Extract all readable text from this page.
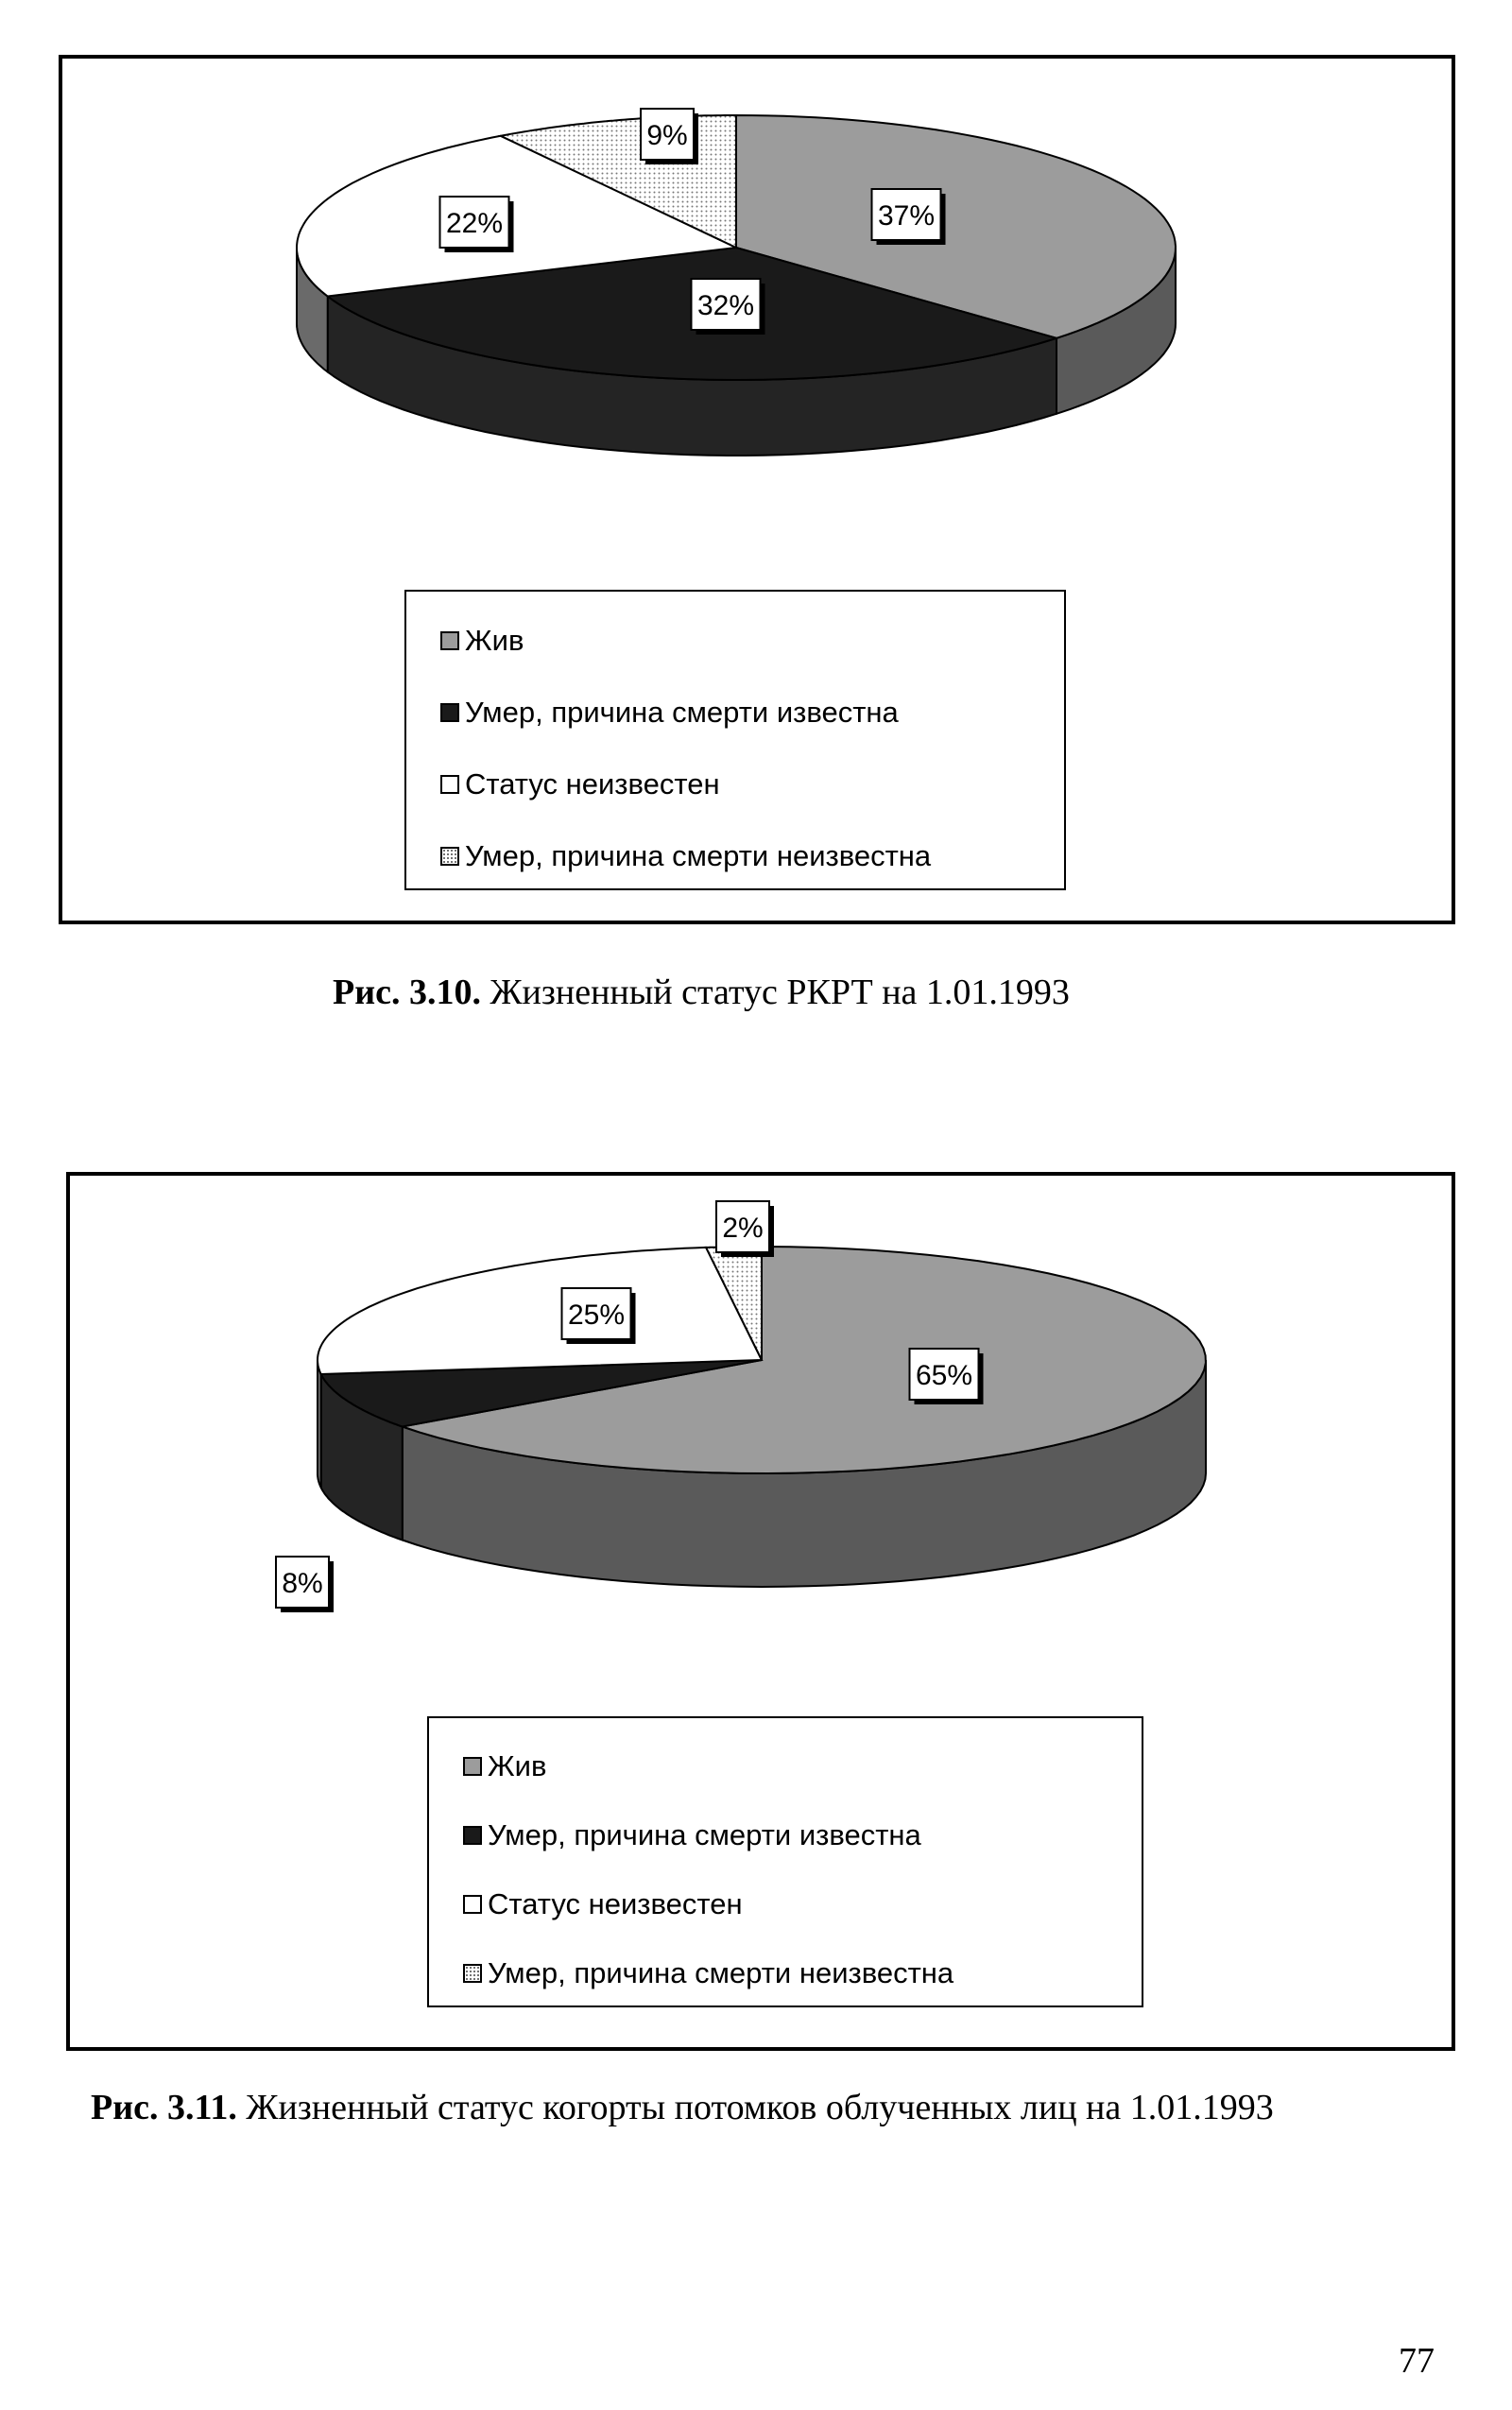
37%
32%
22%
9%
Жив
Умер, причина смерти известна
Статус неизвестен
Умер, причина смерти неизвестна
Рис. 3.10. Жизненный статус РКРТ на 1.01.1993
65%
8%
25%
2%
Жив
Умер, причина смерти известна
Статус неизвестен
Умер, причина смерти неизвестна
Рис. 3.11. Жизненный статус когорты потомков облученных лиц на 1.01.1993
77
